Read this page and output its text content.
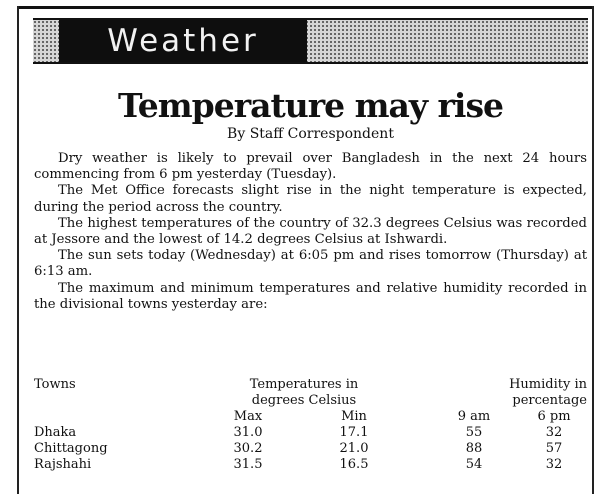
Weather
Temperature may rise
By Staff Correspondent

Dry weather is likely to prevail over Bangladesh in the next 24 hours commencing from 6 pm yesterday (Tuesday).

The Met Office forecasts slight rise in the night temperature is expected, during the period across the country.

The highest temperatures of the country of 32.3 degrees Celsius was recorded at Jessore and the lowest of 14.2 degrees Celsius at Ishwardi.

The sun sets today (Wednesday) at 6:05 pm and rises tomorrow (Thursday) at 6:13 am.

The maximum and minimum temperatures and relative humidity recorded in the divisional towns yesterday are:

Towns	Temperatures in	Humidity in
degrees Celsius	percentage
Max	Min	9 am	6 pm
Dhaka	31.0	17.1	55	32
Chittagong	30.2	21.0	88	57
Rajshahi	31.5	16.5	54	32
